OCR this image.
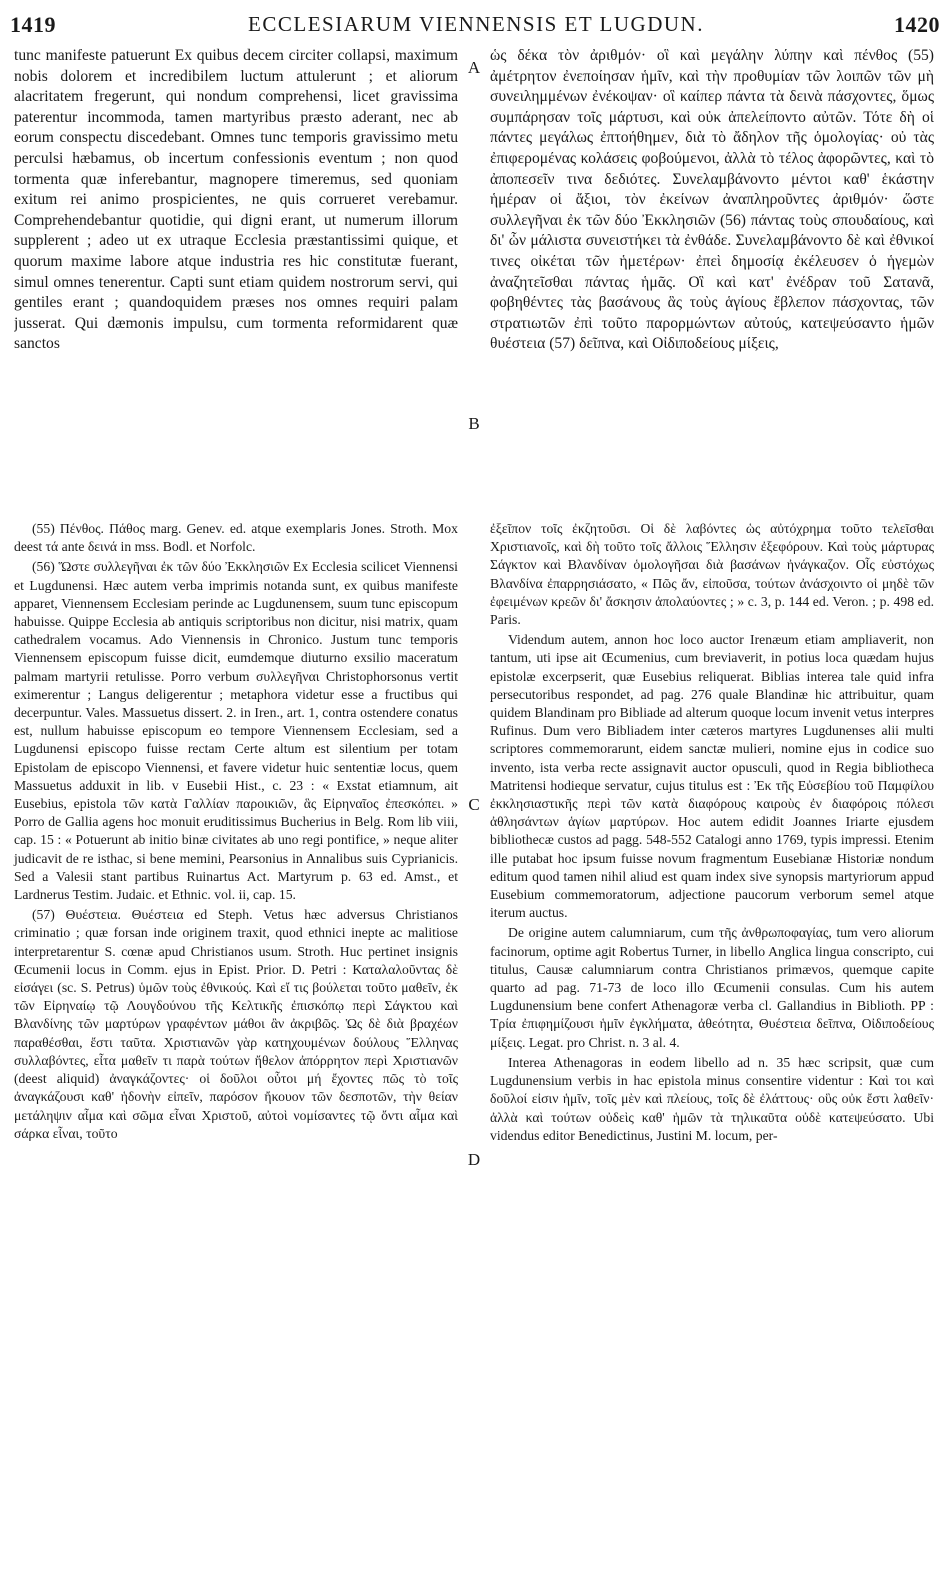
1419	ECCLESIARUM VIENNENSIS ET LUGDUN.	1420

tunc manifeste patuerunt Ex quibus decem circiter collapsi, maximum nobis dolorem et incredibilem luctum attulerunt ; et aliorum alacritatem fregerunt, qui nondum comprehensi, licet gravissima paterentur incommoda, tamen martyribus præsto aderant, nec ab eorum conspectu discedebant. Omnes tunc temporis gravissimo metu perculsi hæbamus, ob incertum confessionis eventum ; non quod tormenta quæ inferebantur, magnopere timeremus, sed quoniam exitum rei animo prospicientes, ne quis corrueret verebamur. Comprehendebantur quotidie, qui digni erant, ut numerum illorum supplerent ; adeo ut ex utraque Ecclesia præstantissimi quique, et quorum maxime labore atque industria res hic constitutæ fuerant, simul omnes tenerentur. Capti sunt etiam quidem nostrorum servi, qui gentiles erant ; quandoquidem præses nos omnes requiri palam jusserat. Qui dæmonis impulsu, cum tormenta reformidarent quæ sanctos

(55) Πένθος. Πάθος marg. Genev. ed. atque exemplaris Jones. Stroth. Mox deest τά ante δεινά in mss. Bodl. et Norfolc.

(56) Ὥστε συλλεγῆναι ἐκ τῶν δύο Ἐκκλησιῶν Ex Ecclesia scilicet Viennensi et Lugdunensi. Hæc autem verba imprimis notanda sunt, ex quibus manifeste apparet, Viennensem Ecclesiam perinde ac Lugdunensem, suum tunc episcopum habuisse. Quippe Ecclesia ab antiquis scriptoribus non dicitur, nisi matrix, quam cathedralem vocamus. Ado Viennensis in Chronico. Justum tunc temporis Viennensem episcopum fuisse dicit, eumdemque diuturno exsilio maceratum palmam martyrii retulisse. Porro verbum συλλεγῆναι Christophorsonus vertit eximerentur ; Langus deligerentur ; metaphora videtur esse a fructibus qui decerpuntur. Vales. Massuetus dissert. 2. in Iren., art. 1, contra ostendere conatus est, nullum habuisse episcopum eo tempore Viennensem Ecclesiam, sed a Lugdunensi episcopo fuisse rectam Certe altum est silentium per totam Epistolam de episcopo Viennensi, et favere videtur huic sententiæ locus, quem Massuetus adduxit in lib. v Eusebii Hist., c. 23 : « Exstat etiamnum, ait Eusebius, epistola τῶν κατὰ Γαλλίαν παροικιῶν, ἃς Εἰρηναῖος ἐπεσκόπει. » Porro de Gallia agens hoc monuit eruditissimus Bucherius in Belg. Rom lib viii, cap. 15 : « Potuerunt ab initio binæ civitates ab uno regi pontifice, » neque aliter judicavit de re isthac, si bene memini, Pearsonius in Annalibus suis Cyprianicis. Sed a Valesii stant partibus Ruinartus Act. Martyrum p. 63 ed. Amst., et Lardnerus Testim. Judaic. et Ethnic. vol. ii, cap. 15.

(57) Θυέστεια. Θυέστεια ed Steph. Vetus hæc adversus Christianos criminatio ; quæ forsan inde originem traxit, quod ethnici inepte ac malitiose interpretarentur S. cœnæ apud Christianos usum. Stroth. Huc pertinet insignis Œcumenii locus in Comm. ejus in Epist. Prior. D. Petri : Καταλαλοῦντας δὲ εἰσάγει (sc. S. Petrus) ὑμῶν τοὺς ἐθνικούς. Καὶ εἴ τις βούλεται τοῦτο μαθεῖν, ἐκ τῶν Εἰρηναίῳ τῷ Λουγδούνου τῆς Κελτικῆς ἐπισκόπῳ περὶ Σάγκτου καὶ Βλανδίνης τῶν μαρτύρων γραφέντων μάθοι ἂν ἀκριβῶς. Ὡς δὲ διὰ βραχέων παραθέσθαι, ἔστι ταῦτα. Χριστιανῶν γὰρ κατηχουμένων δούλους Ἕλληνας συλλαβόντες, εἶτα μαθεῖν τι παρὰ τούτων ἤθελον ἀπόρρητον περὶ Χριστιανῶν (deest aliquid) ἀναγκάζοντες· οἱ δοῦλοι οὗτοι μή ἔχοντες πῶς τὸ τοῖς ἀναγκάζουσι καθ' ἡδονὴν εἰπεῖν, παρόσον ἤκουον τῶν δεσποτῶν, τὴν θείαν μετάληψιν αἷμα καὶ σῶμα εἶναι Χριστοῦ, αὐτοὶ νομίσαντες τῷ ὄντι αἷμα καὶ σάρκα εἶναι, τοῦτο

A
B
C
D

ὡς δέκα τὸν ἀριθμόν· οἳ καὶ μεγάλην λύπην καὶ πένθος (55) ἀμέτρητον ἐνεποίησαν ἡμῖν, καὶ τὴν προθυμίαν τῶν λοιπῶν τῶν μὴ συνειλημμένων ἐνέκοψαν· οἳ καίπερ πάντα τὰ δεινὰ πάσχοντες, ὅμως συμπάρησαν τοῖς μάρτυσι, καὶ οὐκ ἀπελείποντο αὐτῶν. Τότε δὴ οἱ πάντες μεγάλως ἐπτοήθημεν, διὰ τὸ ἄδηλον τῆς ὁμολογίας· οὐ τὰς ἐπιφερομένας κολάσεις φοβούμενοι, ἀλλὰ τὸ τέλος ἀφορῶντες, καὶ τὸ ἀποπεσεῖν τινα δεδιότες. Συνελαμβάνοντο μέντοι καθ' ἑκάστην ἡμέραν οἱ ἄξιοι, τὸν ἐκείνων ἀναπληροῦντες ἀριθμόν· ὥστε συλλεγῆναι ἐκ τῶν δύο Ἐκκλησιῶν (56) πάντας τοὺς σπουδαίους, καὶ δι' ὧν μάλιστα συνειστήκει τὰ ἐνθάδε. Συνελαμβάνοντο δὲ καὶ ἐθνικοί τινες οἰκέται τῶν ἡμετέρων· ἐπεὶ δημοσίᾳ ἐκέλευσεν ὁ ἡγεμὼν ἀναζητεῖσθαι πάντας ἡμᾶς. Οἳ καὶ κατ' ἐνέδραν τοῦ Σατανᾶ, φοβηθέντες τὰς βασάνους ἃς τοὺς ἁγίους ἔβλεπον πάσχοντας, τῶν στρατιωτῶν ἐπὶ τοῦτο παρορμώντων αὐτούς, κατεψεύσαντο ἡμῶν θυέστεια (57) δεῖπνα, καὶ Οἰδιποδείους μίξεις,

ἐξεῖπον τοῖς ἐκζητοῦσι. Οἱ δὲ λαβόντες ὡς αὐτόχρημα τοῦτο τελεῖσθαι Χριστιανοῖς, καὶ δὴ τοῦτο τοῖς ἄλλοις Ἕλλησιν ἐξεφόρουν. Καὶ τοὺς μάρτυρας Σάγκτον καὶ Βλανδίναν ὁμολογῆσαι διὰ βασάνων ἠνάγκαζον. Οἷς εὐστόχως Βλανδίνα ἐπαρρησιάσατο, « Πῶς ἄν, εἰποῦσα, τούτων ἀνάσχοιντο οἱ μηδὲ τῶν ἐφειμένων κρεῶν δι' ἄσκησιν ἀπολαύοντες ; » c. 3, p. 144 ed. Veron. ; p. 498 ed. Paris.

Videndum autem, annon hoc loco auctor Irenæum etiam ampliaverit, non tantum, uti ipse ait Œcumenius, cum breviaverit, in potius loca quædam hujus epistolæ excerpserit, quæ Eusebius reliquerat. Biblias interea tale quid infra persecutoribus respondet, ad pag. 276 quale Blandinæ hic attribuitur, quam quidem Blandinam pro Bibliade ad alterum quoque locum invenit vetus interpres Rufinus. Dum vero Bibliadem inter cæteros martyres Lugdunenses alii multi scriptores commemorarunt, eidem sanctæ mulieri, nomine ejus in codice suo invento, ista verba recte assignavit auctor opusculi, quod in Regia bibliotheca Matritensi hodieque servatur, cujus titulus est : Ἐκ τῆς Εὐσεβίου τοῦ Παμφίλου ἐκκλησιαστικῆς περὶ τῶν κατὰ διαφόρους καιροὺς ἐν διαφόροις πόλεσι ἀθλησάντων ἁγίων μαρτύρων. Hoc autem edidit Joannes Iriarte ejusdem bibliothecæ custos ad pagg. 548-552 Catalogi anno 1769, typis impressi. Etenim ille putabat hoc ipsum fuisse novum fragmentum Eusebianæ Historiæ nondum editum quod tamen nihil aliud est quam index sive synopsis martyriorum appud Eusebium commemoratorum, adjectione paucorum verborum semel atque iterum auctus.

De origine autem calumniarum, cum τῆς ἀνθρωποφαγίας, tum vero aliorum facinorum, optime agit Robertus Turner, in libello Anglica lingua conscripto, cui titulus, Causæ calumniarum contra Christianos primævos, quemque capite quarto ad pag. 71-73 de loco illo Œcumenii consulas. Cum his autem Lugdunensium bene confert Athenagoræ verba cl. Gallandius in Biblioth. PP : Τρία ἐπιφημίζουσι ἡμῖν ἐγκλήματα, ἀθεότητα, Θυέστεια δεῖπνα, Οἰδιποδείους μίξεις. Legat. pro Christ. n. 3 al. 4.

Interea Athenagoras in eodem libello ad n. 35 hæc scripsit, quæ cum Lugdunensium verbis in hac epistola minus consentire videntur : Καὶ τοι καὶ δοῦλοί εἰσιν ἡμῖν, τοῖς μὲν καὶ πλείους, τοῖς δὲ ἐλάττους· οὓς οὐκ ἔστι λαθεῖν· ἀλλὰ καὶ τούτων οὐδεὶς καθ' ἡμῶν τὰ τηλικαῦτα οὐδὲ κατεψεύσατο. Ubi videndus editor Benedictinus, Justini M. locum, per-
